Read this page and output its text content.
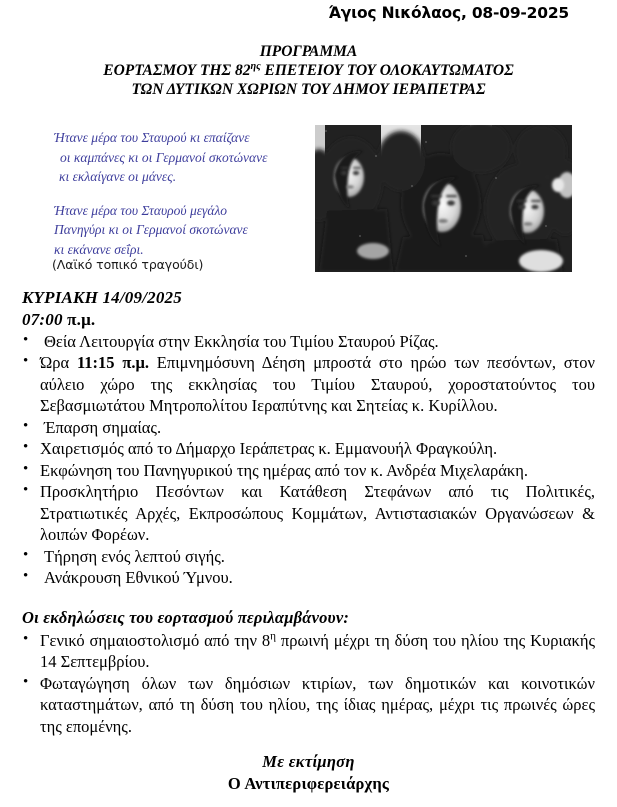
Άγιος Νικόλαος, 08-09-2025
ΠΡΟΓΡΑΜΜΑ
ΕΟΡΤΑΣΜΟΥ ΤΗΣ $82^{\eta\varsigma}$ ΕΠΕΤΕΙΟΥ ΤΟΥ ΟΛΟΚΑΥΤΩΜΑΤΟΣ
ΤΩΝ ΔΥΤΙΚΩΝ ΧΩΡΙΩΝ ΤΟΥ ΔΗΜΟΥ ΙΕΡΑΠΕΤΡΑΣ
Ήτανε μέρα του Σταυρού κι επαίζανε
οι καμπάνες κι οι Γερμανοί σκοτώνανε
κι εκλαίγανε οι μάνες.
Ήτανε μέρα του Σταυρού μεγάλο
Πανηγύρι κι οι Γερμανοί σκοτώνανε
κι εκάνανε σεΐρι.
(Λαϊκό τοπικό τραγούδι)
ΚΥΡΙΑΚΗ 14/09/2025
07:00 π.μ.
• Θεία Λειτουργία στην Εκκλησία του Τιμίου Σταυρού Ρίζας.
• Ώρα 11:15 π.μ. Επιμνημόσυνη Δέηση μπροστά στο ηρώο των πεσόντων, στον αύλειο χώρο της εκκλησίας του Τιμίου Σταυρού, χοροστατούντος του Σεβασμιωτάτου Μητροπολίτου Ιεραπύτνης και Σητείας κ. Κυρίλλου.
• Έπαρση σημαίας.
• Χαιρετισμός από το Δήμαρχο Ιεράπετρας κ. Εμμανουήλ Φραγκούλη.
• Εκφώνηση του Πανηγυρικού της ημέρας από τον κ. Ανδρέα Μιχελαράκη.
• Προσκλητήριο Πεσόντων και Κατάθεση Στεφάνων από τις Πολιτικές, Στρατιωτικές Αρχές, Εκπροσώπους Κομμάτων, Αντιστασιακών Οργανώσεων & λοιπών Φορέων.
• Τήρηση ενός λεπτού σιγής.
• Ανάκρουση Εθνικού Ύμνου.
Οι εκδηλώσεις του εορτασμού περιλαμβάνουν:
• Γενικό σημαιοστολισμό από την $8^\eta$ πρωινή μέχρι τη δύση του ηλίου της Κυριακής 14 Σεπτεμβρίου.
• Φωταγώγηση όλων των δημόσιων κτιρίων, των δημοτικών και κοινοτικών καταστημάτων, από τη δύση του ηλίου, της ίδιας ημέρας, μέχρι τις πρωινές ώρες της επομένης.
Με εκτίμηση
Ο Αντιπεριφερειάρχης
